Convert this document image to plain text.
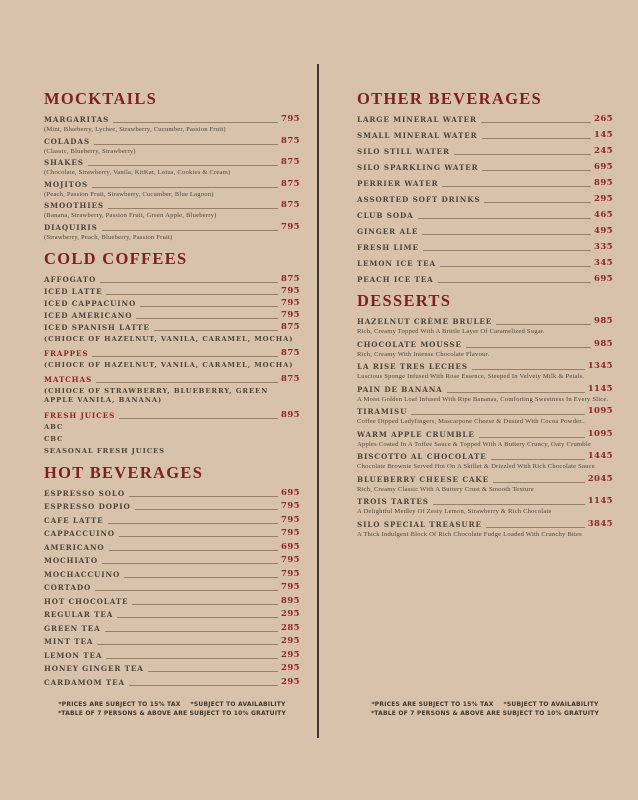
MOCKTAILS
MARGARITAS	795
(Mint, Blueberry, Lychee, Strawberry, Cucumber, Passion Fruit)
COLADAS	875
(Classic, Blueberry, Strawberry)
SHAKES	875
(Chocolate, Strawberry, Vanila, KitKat, Lotus, Cookies & Cream)
MOJITOS	875
(Peach, Passion Fruit, Strawberry, Cucumber, Blue Lagoon)
SMOOTHIES	875
(Banana, Strawberry, Passion Fruit, Green Apple, Blueberry)
DIAQUIRIS	795
(Strawberry, Peach, Blueberry, Passion Fruit)
COLD COFFEES
AFFOGATO	875
ICED LATTE	795
ICED CAPPACUINO	795
ICED AMERICANO	795
ICED SPANISH LATTE	875
(CHIOCE OF HAZELNUT, VANILA, CARAMEL, MOCHA)
FRAPPES	875
(CHIOCE OF HAZELNUT, VANILA, CARAMEL, MOCHA)
MATCHAS	875
(CHIOCE OF STRAWBERRY, BLUEBERRY, GREEN APPLE VANILA, BANANA)
FRESH JUICES	895
ABC
CBC
SEASONAL FRESH JUICES
HOT BEVERAGES
ESPRESSO SOLO	695
ESPRESSO DOPIO	795
CAFE LATTE	795
CAPPACCUINO	795
AMERICANO	695
MOCHIATO	795
MOCHACCUINO	795
CORTADO	795
HOT CHOCOLATE	895
REGULAR TEA	295
GREEN TEA	285
MINT TEA	295
LEMON TEA	295
HONEY GINGER TEA	295
CARDAMOM TEA	295
OTHER BEVERAGES
LARGE MINERAL WATER	265
SMALL MINERAL WATER	145
SILO STILL WATER	245
SILO SPARKLING WATER	695
PERRIER WATER	895
ASSORTED SOFT DRINKS	295
CLUB SODA	465
GINGER ALE	495
FRESH LIME	335
LEMON ICE TEA	345
PEACH ICE TEA	695
DESSERTS
HAZELNUT CRÈME BRULEE	985
Rich, Creamy Topped With A Brittle Layer Of Caramelized Sugar.
CHOCOLATE MOUSSE	985
Rich, Creamy With Intense Chocolate Flavour.
LA RISE TRES LECHES	1345
Luscious Sponge Infused With Rose Essence, Steeped In Velvety Milk & Petals.
PAIN DE BANANA	1145
A Moist Golden Loaf Infused With Ripe Bananas, Comforting Sweetness In Every Slice.
TIRAMISU	1095
Coffee Dipped Ladyfingers, Mascarpone Cheese & Dusted With Cocoa Powder..
WARM APPLE CRUMBLE	1095
Apples Coated In A Toffee Sauce & Topped With A Buttery Cruncy, Oaty Crumble
BISCOTTO AL CHOCOLATE	1445
Chocolate Brownie Served Hot On A Skillet & Drizzled With Rich Chocolate Sauce
BLUEBERRY CHEESE CAKE	2045
Rich, Creamy Classic With A Buttery Crust & Smooth Texture
TROIS TARTES	1145
A Delightful Medley Of Zesty Lemon, Strawberry & Rich Chocolate
SILO SPECIAL TREASURE	3845
A Thick Indulgent Block Of Rich Chocolate Fudge Loaded With Crunchy Bites
*PRICES ARE SUBJECT TO 15% TAX *SUBJECT TO AVAILABILITY
*TABLE OF 7 PERSONS & ABOVE ARE SUBJECT TO 10% GRATUITY
*PRICES ARE SUBJECT TO 15% TAX *SUBJECT TO AVAILABILITY
*TABLE OF 7 PERSONS & ABOVE ARE SUBJECT TO 10% GRATUITY
